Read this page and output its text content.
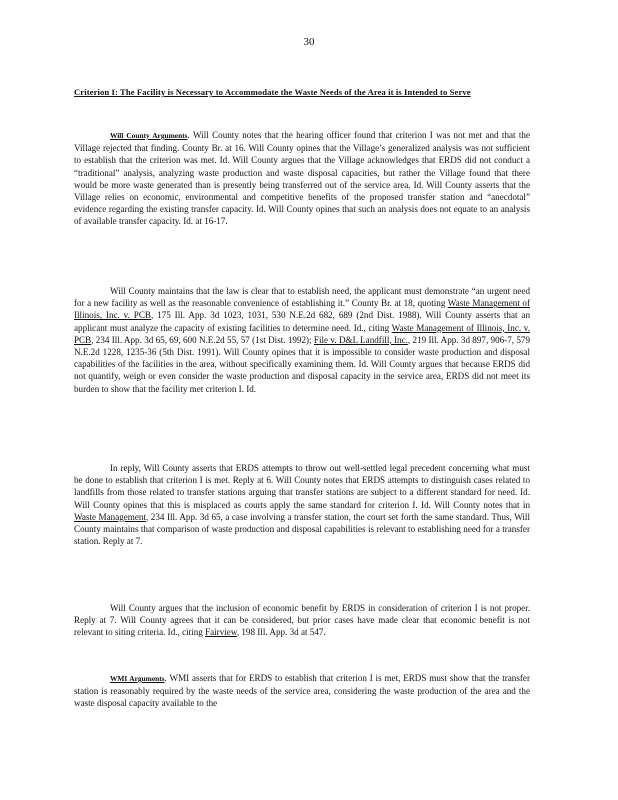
30
Criterion I: The Facility is Necessary to Accommodate the Waste Needs of the Area it is Intended to Serve
Will County Arguments. Will County notes that the hearing officer found that criterion I was not met and that the Village rejected that finding. County Br. at 16. Will County opines that the Village’s generalized analysis was not sufficient to establish that the criterion was met. Id. Will County argues that the Village acknowledges that ERDS did not conduct a “traditional” analysis, analyzing waste production and waste disposal capacities, but rather the Village found that there would be more waste generated than is presently being transferred out of the service area. Id. Will County asserts that the Village relies on economic, environmental and competitive benefits of the proposed transfer station and “anecdotal” evidence regarding the existing transfer capacity. Id. Will County opines that such an analysis does not equate to an analysis of available transfer capacity. Id. at 16-17.
Will County maintains that the law is clear that to establish need, the applicant must demonstrate “an urgent need for a new facility as well as the reasonable convenience of establishing it.” County Br. at 18, quoting Waste Management of Illinois, Inc. v. PCB, 175 Ill. App. 3d 1023, 1031, 530 N.E.2d 682, 689 (2nd Dist. 1988). Will County asserts that an applicant must analyze the capacity of existing facilities to determine need. Id., citing Waste Management of Illinois, Inc. v. PCB, 234 Ill. App. 3d 65, 69, 600 N.E.2d 55, 57 (1st Dist. 1992); File v. D&L Landfill, Inc., 219 Ill. App. 3d 897, 906-7, 579 N.E.2d 1228, 1235-36 (5th Dist. 1991). Will County opines that it is impossible to consider waste production and disposal capabilities of the facilities in the area, without specifically examining them. Id. Will County argues that because ERDS did not quantify, weigh or even consider the waste production and disposal capacity in the service area, ERDS did not meet its burden to show that the facility met criterion I. Id.
In reply, Will County asserts that ERDS attempts to throw out well-settled legal precedent concerning what must be done to establish that criterion I is met. Reply at 6. Will County notes that ERDS attempts to distinguish cases related to landfills from those related to transfer stations arguing that transfer stations are subject to a different standard for need. Id. Will County opines that this is misplaced as courts apply the same standard for criterion I. Id. Will County notes that in Waste Management, 234 Ill. App. 3d 65, a case involving a transfer station, the court set forth the same standard. Thus, Will County maintains that comparison of waste production and disposal capabilities is relevant to establishing need for a transfer station. Reply at 7.
Will County argues that the inclusion of economic benefit by ERDS in consideration of criterion I is not proper. Reply at 7. Will County agrees that it can be considered, but prior cases have made clear that economic benefit is not relevant to siting criteria. Id., citing Fairview, 198 Ill. App. 3d at 547.
WMI Arguments. WMI asserts that for ERDS to establish that criterion I is met, ERDS must show that the transfer station is reasonably required by the waste needs of the service area, considering the waste production of the area and the waste disposal capacity available to the
